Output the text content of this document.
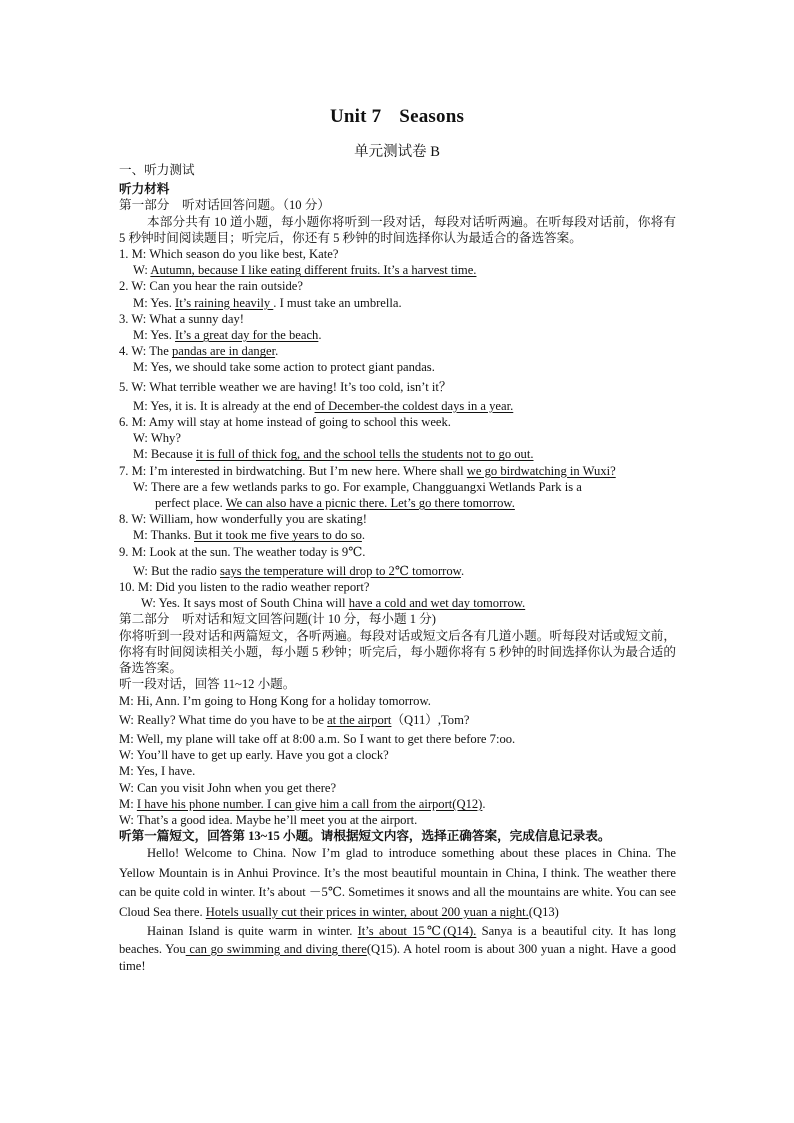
Unit 7 Seasons
单元测试卷 B
一、听力测试
听力材料
第一部分　听对话回答问题。（10 分）
本部分共有 10 道小题，每小题你将听到一段对话，每段对话听两遍。在听每段对话前，你将有 5 秒钟时间阅读题目；听完后，你还有 5 秒钟的时间选择你认为最适合的备选答案。
1. M: Which season do you like best, Kate?
W: Autumn, because I like eating different fruits. It’s a harvest time.
2. W: Can you hear the rain outside?
M: Yes. It’s raining heavily . I must take an umbrella.
3. W: What a sunny day!
M: Yes. It’s a great day for the beach.
4. W: The pandas are in danger.
M: Yes, we should take some action to protect giant pandas.
5. W: What terrible weather we are having! It’s too cold, isn’t it？
M: Yes, it is. It is already at the end of December-the coldest days in a year.
6. M: Amy will stay at home instead of going to school this week.
W: Why?
M: Because it is full of thick fog, and the school tells the students not to go out.
7. M: I’m interested in birdwatching. But I’m new here. Where shall we go birdwatching in Wuxi?
W: There are a few wetlands parks to go. For example, Changguangxi Wetlands Park is a
perfect place. We can also have a picnic there. Let’s go there tomorrow.
8. W: William, how wonderfully you are skating!
M: Thanks. But it took me five years to do so.
9. M: Look at the sun. The weather today is 9℃.
W: But the radio says the temperature will drop to 2℃ tomorrow.
10. M: Did you listen to the radio weather report?
W: Yes. It says most of South China will have a cold and wet day tomorrow.
第二部分　听对话和短文回答问题(计 10 分，每小题 1 分)
你将听到一段对话和两篇短文，各听两遍。每段对话或短文后各有几道小题。听每段对话或短文前，你将有时间阅读相关小题，每小题 5 秒钟；听完后，每小题你将有 5 秒钟的时间选择你认为最合适的备选答案。
听一段对话，回答 11~12 小题。
M: Hi, Ann. I’m going to Hong Kong for a holiday tomorrow.
W: Really? What time do you have to be at the airport（Q11）,Tom?
M: Well, my plane will take off at 8:00 a.m. So I want to get there before 7:oo.
W: You’ll have to get up early. Have you got a clock?
M: Yes, I have.
W: Can you visit John when you get there?
M: I have his phone number. I can give him a call from the airport(Q12).
W: That’s a good idea. Maybe he’ll meet you at the airport.
听第一篇短文，回答第 13~15 小题。请根据短文内容，选择正确答案，完成信息记录表。
Hello! Welcome to China. Now I’m glad to introduce something about these places in China. The Yellow Mountain is in Anhui Province. It’s the most beautiful mountain in China, I think. The weather there can be quite cold in winter. It’s about －5℃. Sometimes it snows and all the mountains are white. You can see Cloud Sea there. Hotels usually cut their prices in winter, about 200 yuan a night.(Q13)
Hainan Island is quite warm in winter. It’s about 15℃(Q14). Sanya is a beautiful city. It has long beaches. You can go swimming and diving there(Q15). A hotel room is about 300 yuan a night. Have a good time!
